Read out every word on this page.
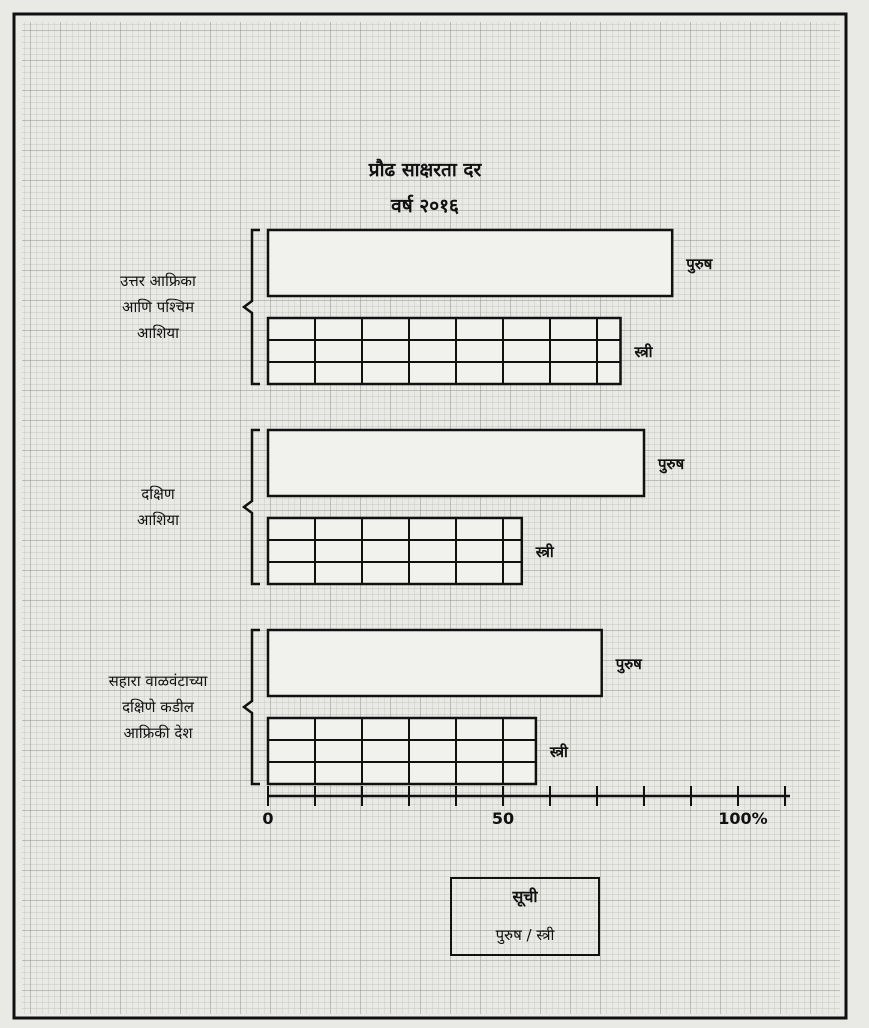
प्रौढ साक्षरता दर
वर्ष २०१६
उत्तर आफ्रिका
आणि पश्चिम
आशिया
पुरुष
स्त्री
दक्षिण
आशिया
पुरुष
स्त्री
सहारा वाळवंटाच्या
दक्षिणे कडील
आफ्रिकी देश
पुरुष
स्त्री
0	50	100%
सूची
पुरुष / स्त्री
